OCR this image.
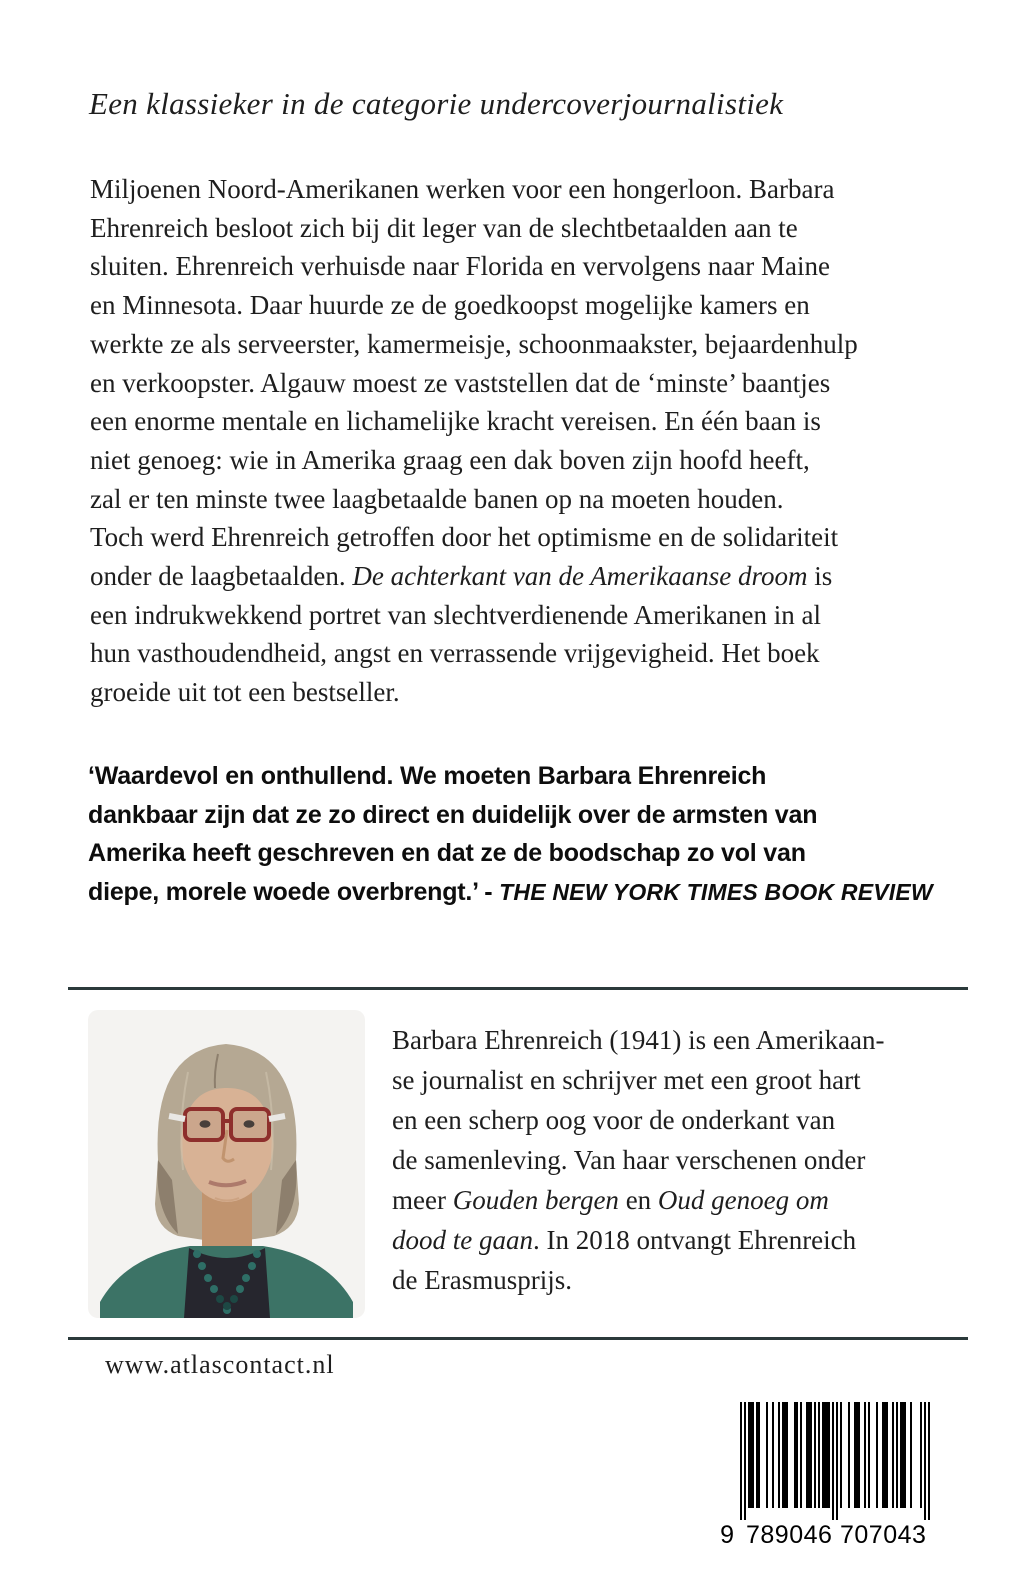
Een klassieker in de categorie undercoverjournalistiek
Miljoenen Noord-Amerikanen werken voor een hongerloon. Barbara
Ehrenreich besloot zich bij dit leger van de slechtbetaalden aan te
sluiten. Ehrenreich verhuisde naar Florida en vervolgens naar Maine
en Minnesota. Daar huurde ze de goedkoopst mogelijke kamers en
werkte ze als serveerster, kamermeisje, schoonmaakster, bejaardenhulp
en verkoopster. Algauw moest ze vaststellen dat de ‘minste’ baantjes
een enorme mentale en lichamelijke kracht vereisen. En één baan is
niet genoeg: wie in Amerika graag een dak boven zijn hoofd heeft,
zal er ten minste twee laagbetaalde banen op na moeten houden.
Toch werd Ehrenreich getroffen door het optimisme en de solidariteit
onder de laagbetaalden. De achterkant van de Amerikaanse droom is
een indrukwekkend portret van slechtverdienende Amerikanen in al
hun vasthoudendheid, angst en verrassende vrijgevigheid. Het boek
groeide uit tot een bestseller.
‘Waardevol en onthullend. We moeten Barbara Ehrenreich
dankbaar zijn dat ze zo direct en duidelijk over de armsten van
Amerika heeft geschreven en dat ze de boodschap zo vol van
diepe, morele woede overbrengt.’ - THE NEW YORK TIMES BOOK REVIEW
Barbara Ehrenreich (1941) is een Amerikaan-
se journalist en schrijver met een groot hart
en een scherp oog voor de onderkant van
de samenleving. Van haar verschenen onder
meer Gouden bergen en Oud genoeg om
dood te gaan. In 2018 ontvangt Ehrenreich
de Erasmusprijs.
www.atlascontact.nl
9 789046 707043
